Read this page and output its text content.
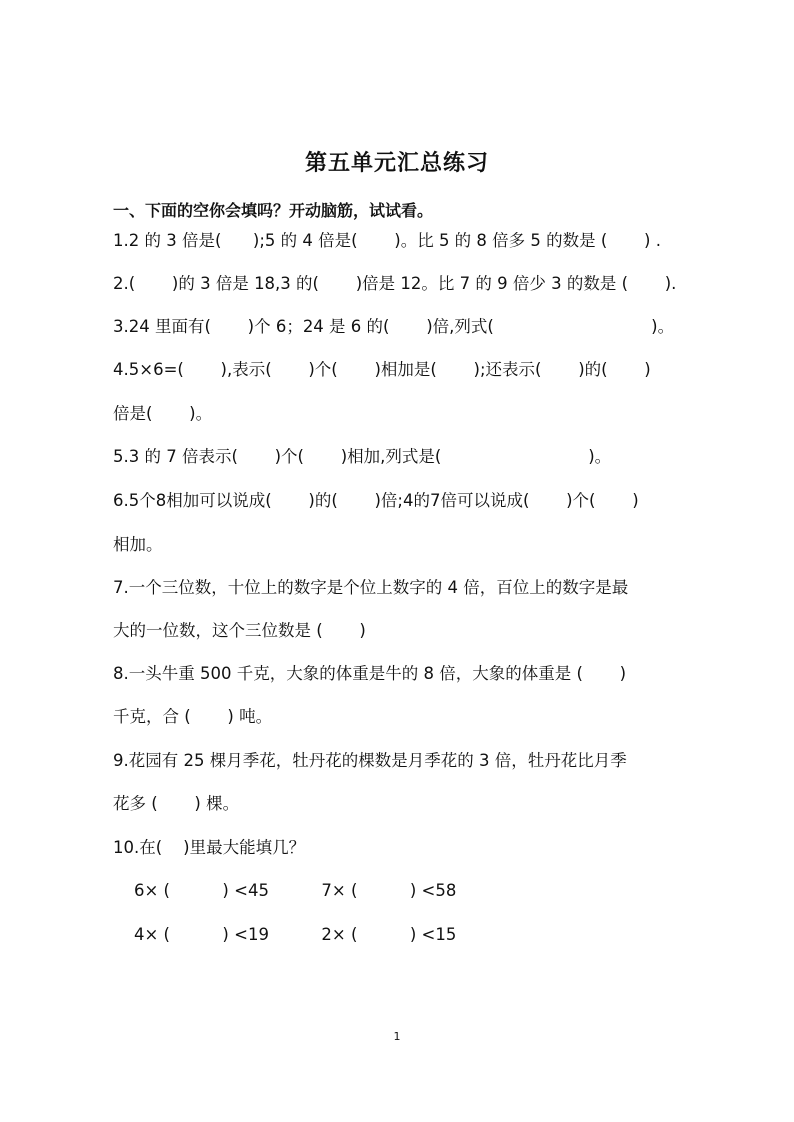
第五单元汇总练习
一、下面的空你会填吗？开动脑筋，试试看。
1.2 的 3 倍是(      );5 的 4 倍是(       )。比 5 的 8 倍多 5 的数是 (       ) .
2.(       )的 3 倍是 18,3 的(       )倍是 12。比 7 的 9 倍少 3 的数是 (       ).
3.24 里面有(       )个 6；24 是 6 的(       )倍,列式(                              )。
4.5×6=(       ),表示(       )个(       )相加是(       );还表示(       )的(       )
倍是(       )。
5.3 的 7 倍表示(       )个(       )相加,列式是(                            )。
6.5个8相加可以说成(       )的(       )倍;4的7倍可以说成(       )个(       )
相加。
7.一个三位数，十位上的数字是个位上数字的 4 倍，百位上的数字是最
大的一位数，这个三位数是 (       )
8.一头牛重 500 千克，大象的体重是牛的 8 倍，大象的体重是 (       )
千克，合 (       ) 吨。
9.花园有 25 棵月季花，牡丹花的棵数是月季花的 3 倍，牡丹花比月季
花多 (       ) 棵。
10.在(    )里最大能填几？
6× (          ) <45          7× (          ) <58
4× (          ) <19          2× (          ) <15
1
